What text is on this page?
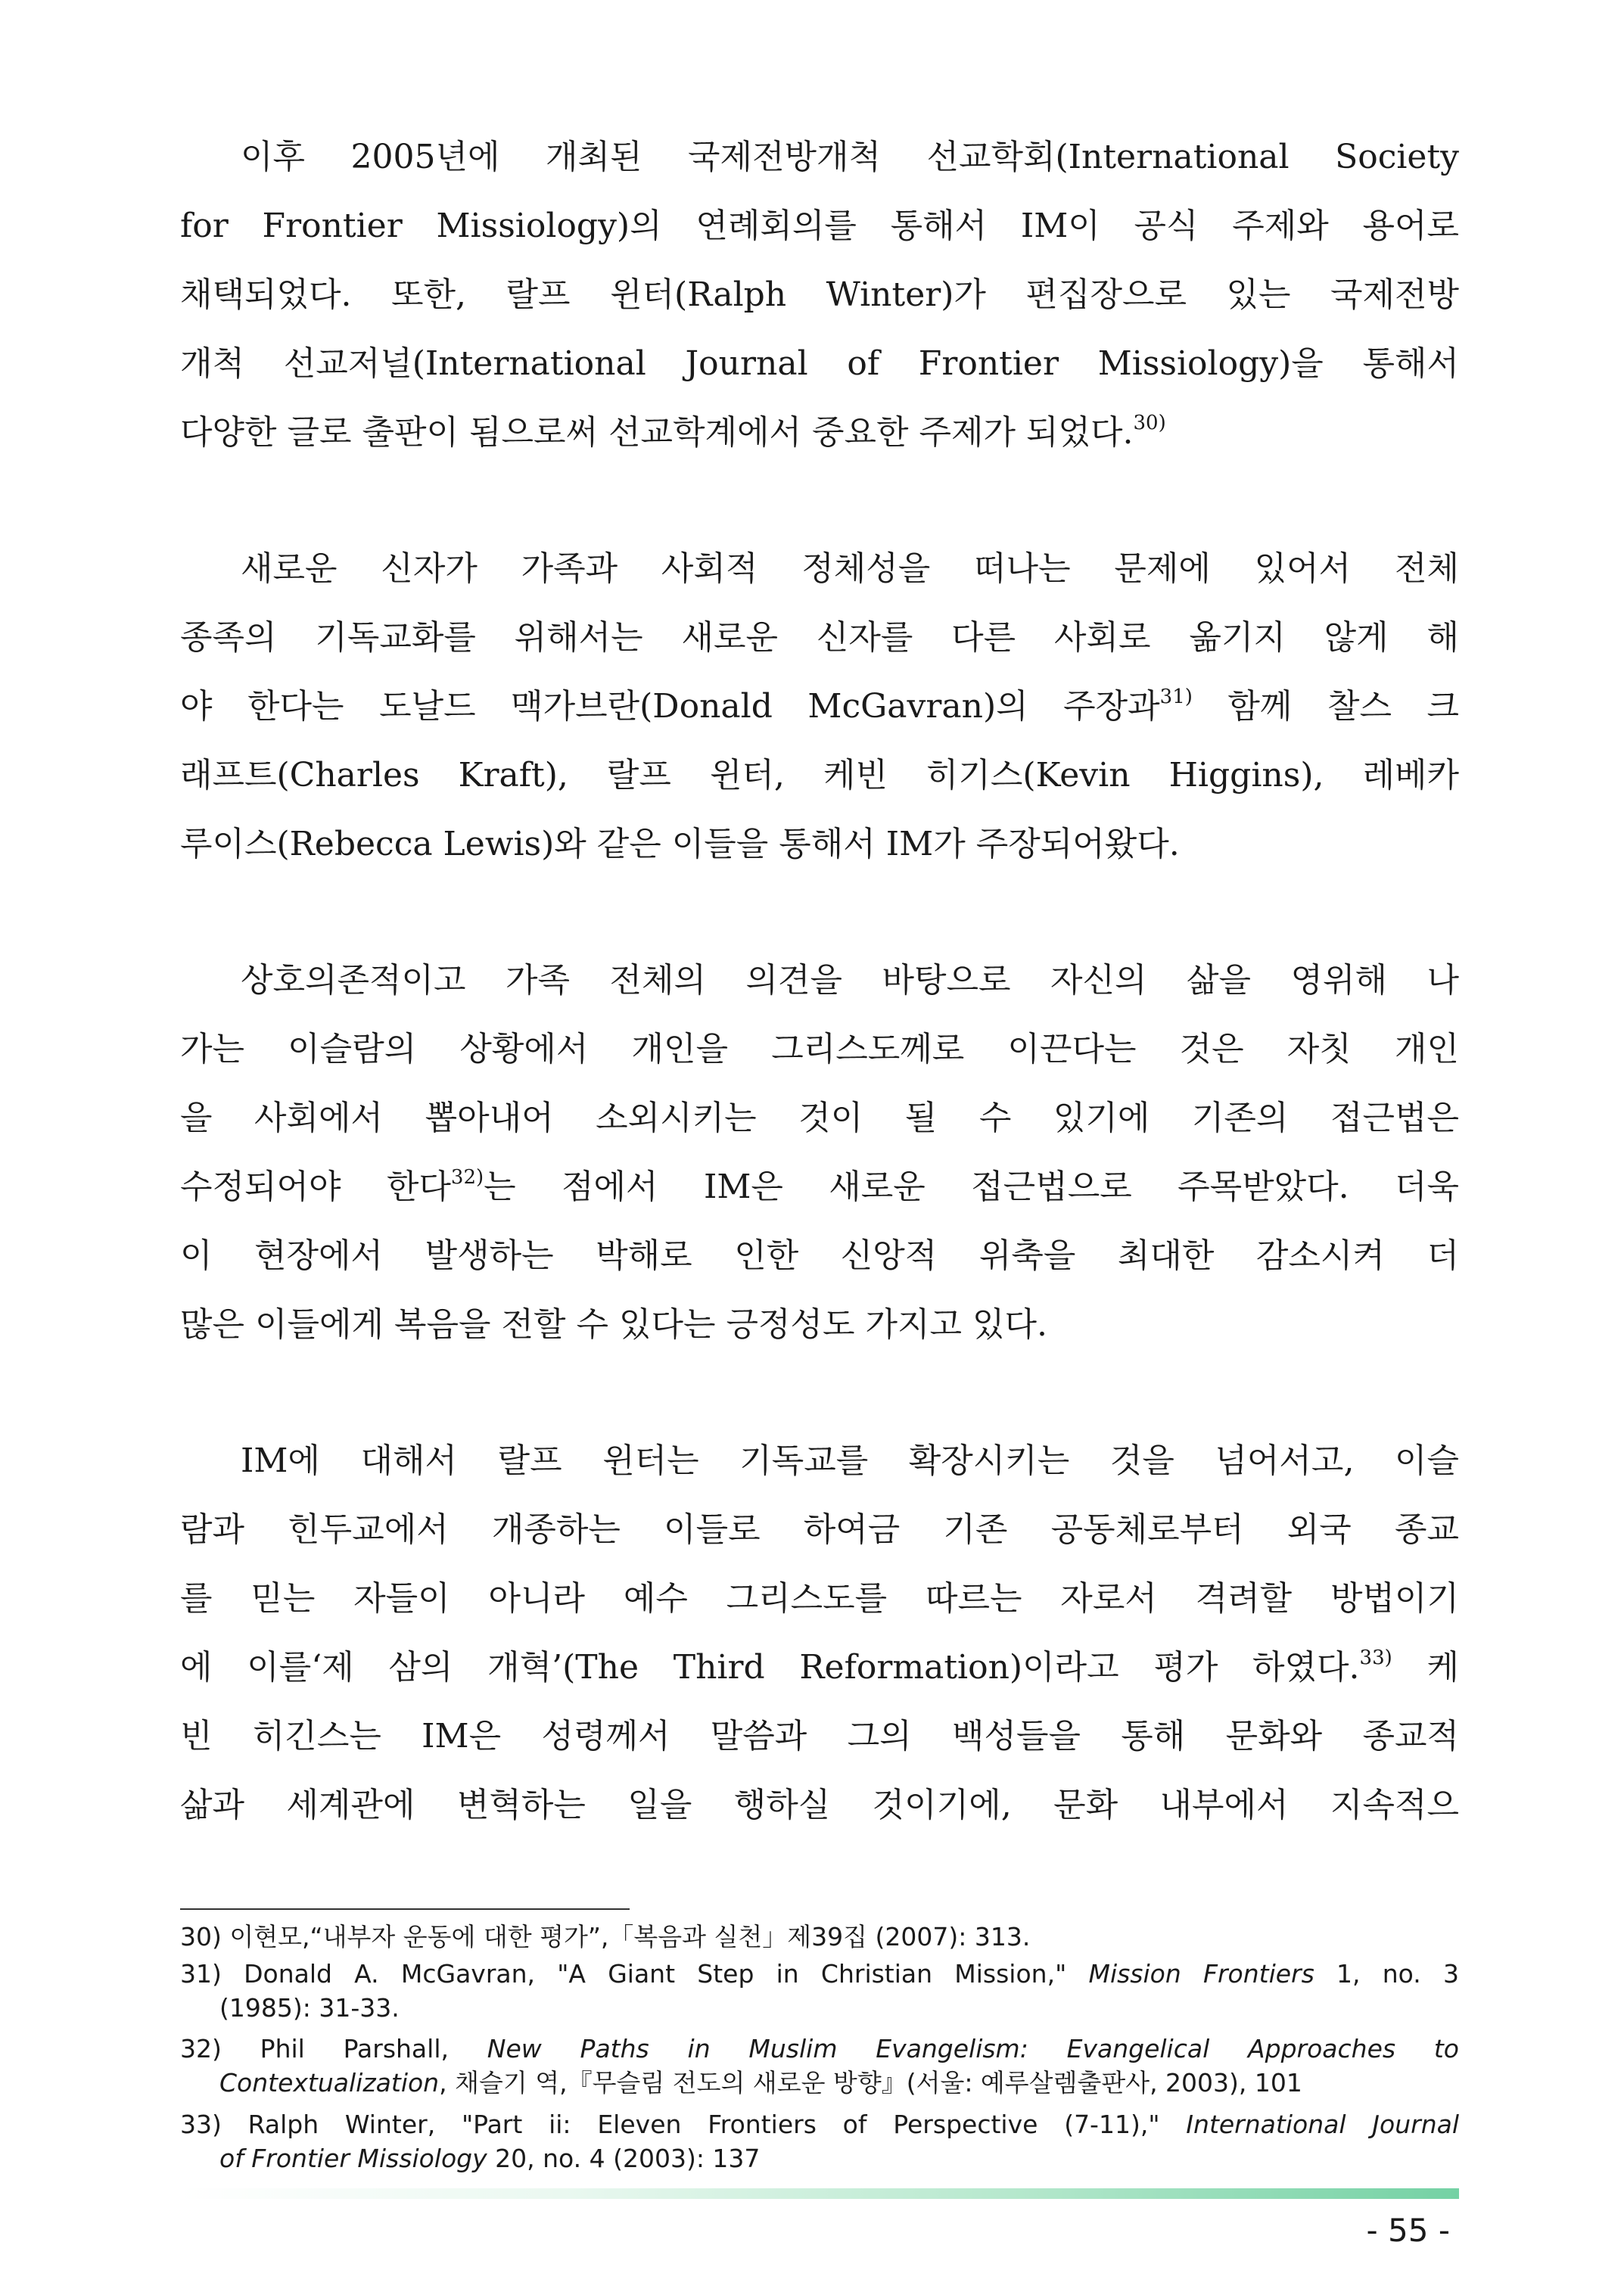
이후 2005년에 개최된 국제전방개척 선교학회(International Society
for Frontier Missiology)의 연례회의를 통해서 IM이 공식 주제와 용어로
채택되었다. 또한, 랄프 윈터(Ralph Winter)가 편집장으로 있는 국제전방
개척 선교저널(International Journal of Frontier Missiology)을 통해서
다양한 글로 출판이 됨으로써 선교학계에서 중요한 주제가 되었다.$^{30)}$
새로운 신자가 가족과 사회적 정체성을 떠나는 문제에 있어서 전체
종족의 기독교화를 위해서는 새로운 신자를 다른 사회로 옮기지 않게 해
야 한다는 도날드 맥가브란(Donald McGavran)의 주장과$^{31)}$ 함께 찰스 크
래프트(Charles Kraft), 랄프 윈터, 케빈 히기스(Kevin Higgins), 레베카
루이스(Rebecca Lewis)와 같은 이들을 통해서 IM가 주장되어왔다.
상호의존적이고 가족 전체의 의견을 바탕으로 자신의 삶을 영위해 나
가는 이슬람의 상황에서 개인을 그리스도께로 이끈다는 것은 자칫 개인
을 사회에서 뽑아내어 소외시키는 것이 될 수 있기에 기존의 접근법은
수정되어야 한다$^{32)}$는 점에서 IM은 새로운 접근법으로 주목받았다. 더욱
이 현장에서 발생하는 박해로 인한 신앙적 위축을 최대한 감소시켜 더
많은 이들에게 복음을 전할 수 있다는 긍정성도 가지고 있다.
IM에 대해서 랄프 윈터는 기독교를 확장시키는 것을 넘어서고, 이슬
람과 힌두교에서 개종하는 이들로 하여금 기존 공동체로부터 외국 종교
를 믿는 자들이 아니라 예수 그리스도를 따르는 자로서 격려할 방법이기
에 이를‘제 삼의 개혁’(The Third Reformation)이라고 평가 하였다.$^{33)}$ 케
빈 히긴스는 IM은 성령께서 말씀과 그의 백성들을 통해 문화와 종교적
삶과 세계관에 변혁하는 일을 행하실 것이기에, 문화 내부에서 지속적으
30) 이현모,“내부자 운동에 대한 평가”,「복음과 실천」제39집 (2007): 313.
31) Donald A. McGavran, "A Giant Step in Christian Mission," Mission Frontiers 1, no. 3
(1985): 31-33.
32) Phil Parshall, New Paths in Muslim Evangelism: Evangelical Approaches to
Contextualization, 채슬기 역,『무슬림 전도의 새로운 방향』(서울: 예루살렘출판사, 2003), 101
33) Ralph Winter, "Part ii: Eleven Frontiers of Perspective (7-11)," International Journal
of Frontier Missiology 20, no. 4 (2003): 137
- 55 -
